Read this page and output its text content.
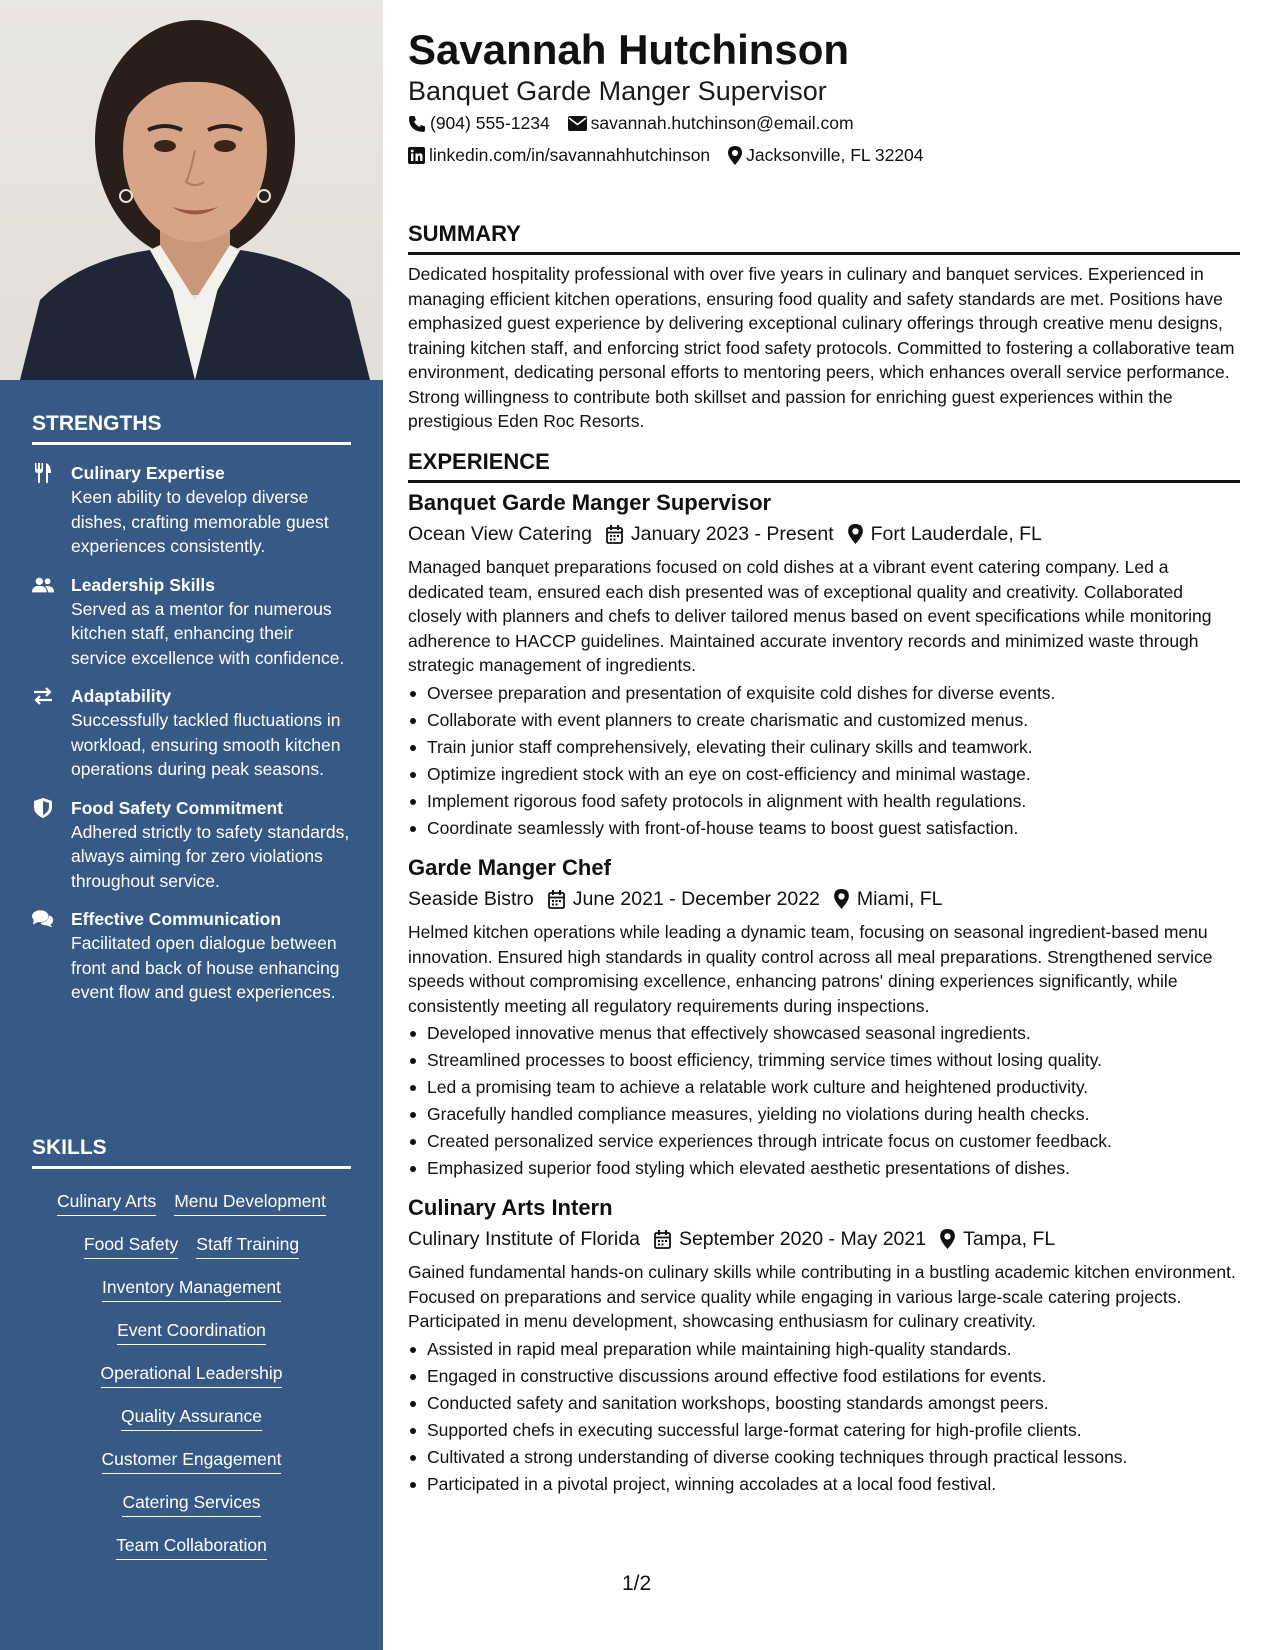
STRENGTHS
Culinary Expertise
Keen ability to develop diverse dishes, crafting memorable guest experiences consistently.
Leadership Skills
Served as a mentor for numerous kitchen staff, enhancing their service excellence with confidence.
Adaptability
Successfully tackled fluctuations in workload, ensuring smooth kitchen operations during peak seasons.
Food Safety Commitment
Adhered strictly to safety standards, always aiming for zero violations throughout service.
Effective Communication
Facilitated open dialogue between front and back of house enhancing event flow and guest experiences.
SKILLS
Culinary Arts Menu Development
Food Safety Staff Training
Inventory Management
Event Coordination
Operational Leadership
Quality Assurance
Customer Engagement
Catering Services
Team Collaboration
Savannah Hutchinson
Banquet Garde Manger Supervisor
(904) 555-1234 savannah.hutchinson@email.com
linkedin.com/in/savannahhutchinson Jacksonville, FL 32204
SUMMARY
Dedicated hospitality professional with over five years in culinary and banquet services. Experienced in managing efficient kitchen operations, ensuring food quality and safety standards are met. Positions have emphasized guest experience by delivering exceptional culinary offerings through creative menu designs, training kitchen staff, and enforcing strict food safety protocols. Committed to fostering a collaborative team environment, dedicating personal efforts to mentoring peers, which enhances overall service performance. Strong willingness to contribute both skillset and passion for enriching guest experiences within the prestigious Eden Roc Resorts.
EXPERIENCE
Banquet Garde Manger Supervisor
Ocean View Catering January 2023 - Present Fort Lauderdale, FL
Managed banquet preparations focused on cold dishes at a vibrant event catering company. Led a dedicated team, ensured each dish presented was of exceptional quality and creativity. Collaborated closely with planners and chefs to deliver tailored menus based on event specifications while monitoring adherence to HACCP guidelines. Maintained accurate inventory records and minimized waste through strategic management of ingredients.
Oversee preparation and presentation of exquisite cold dishes for diverse events.
Collaborate with event planners to create charismatic and customized menus.
Train junior staff comprehensively, elevating their culinary skills and teamwork.
Optimize ingredient stock with an eye on cost-efficiency and minimal wastage.
Implement rigorous food safety protocols in alignment with health regulations.
Coordinate seamlessly with front-of-house teams to boost guest satisfaction.
Garde Manger Chef
Seaside Bistro June 2021 - December 2022 Miami, FL
Helmed kitchen operations while leading a dynamic team, focusing on seasonal ingredient-based menu innovation. Ensured high standards in quality control across all meal preparations. Strengthened service speeds without compromising excellence, enhancing patrons' dining experiences significantly, while consistently meeting all regulatory requirements during inspections.
Developed innovative menus that effectively showcased seasonal ingredients.
Streamlined processes to boost efficiency, trimming service times without losing quality.
Led a promising team to achieve a relatable work culture and heightened productivity.
Gracefully handled compliance measures, yielding no violations during health checks.
Created personalized service experiences through intricate focus on customer feedback.
Emphasized superior food styling which elevated aesthetic presentations of dishes.
Culinary Arts Intern
Culinary Institute of Florida September 2020 - May 2021 Tampa, FL
Gained fundamental hands-on culinary skills while contributing in a bustling academic kitchen environment. Focused on preparations and service quality while engaging in various large-scale catering projects. Participated in menu development, showcasing enthusiasm for culinary creativity.
Assisted in rapid meal preparation while maintaining high-quality standards.
Engaged in constructive discussions around effective food estilations for events.
Conducted safety and sanitation workshops, boosting standards amongst peers.
Supported chefs in executing successful large-format catering for high-profile clients.
Cultivated a strong understanding of diverse cooking techniques through practical lessons.
Participated in a pivotal project, winning accolades at a local food festival.
1/2
